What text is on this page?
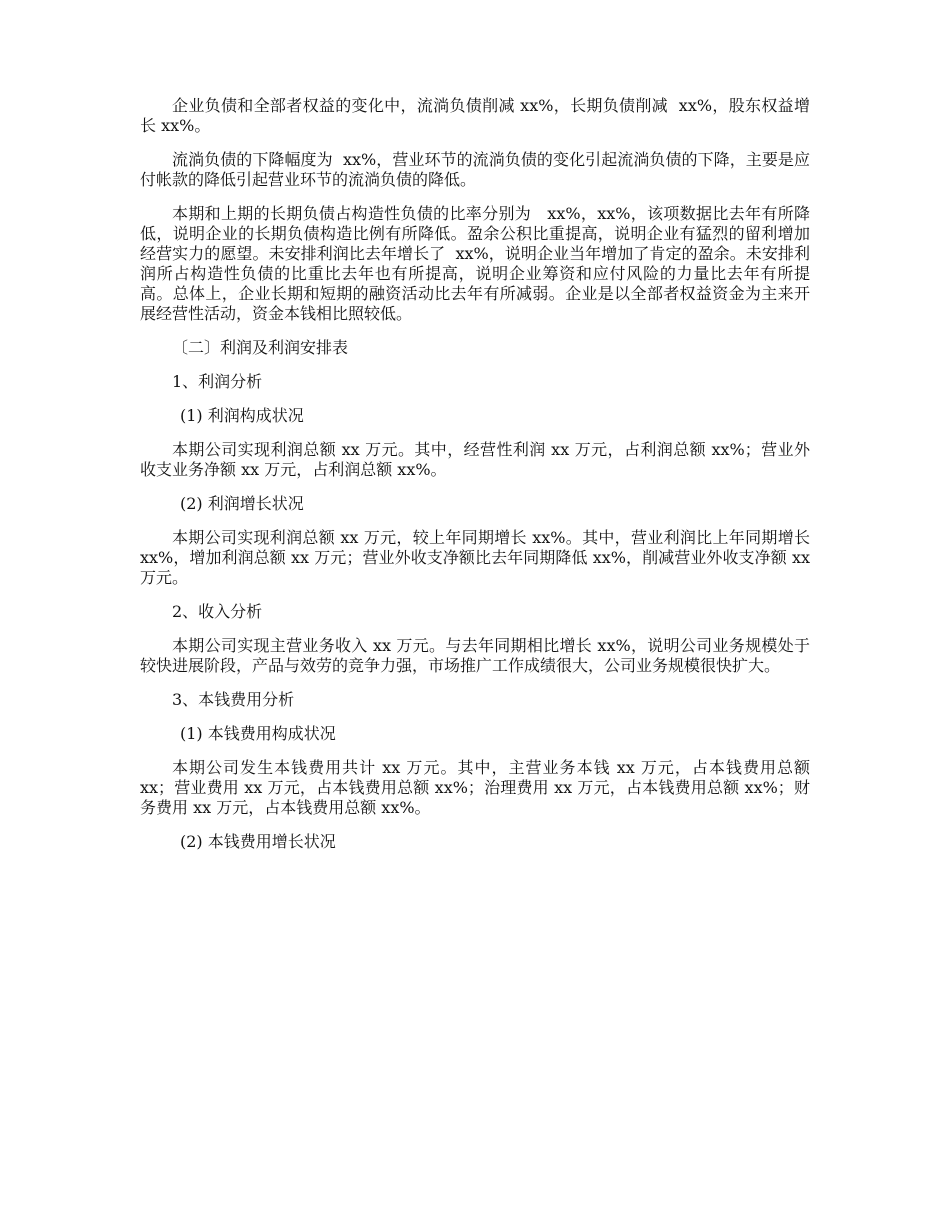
企业负债和全部者权益的变化中，流淌负债削减 xx%，长期负债削减  xx%，股东权益增长 xx%。

流淌负债的下降幅度为  xx%，营业环节的流淌负债的变化引起流淌负债的下降，主要是应付帐款的降低引起营业环节的流淌负债的降低。

本期和上期的长期负债占构造性负债的比率分别为   xx%，xx%，该项数据比去年有所降低，说明企业的长期负债构造比例有所降低。盈余公积比重提高，说明企业有猛烈的留利增加经营实力的愿望。未安排利润比去年增长了  xx%，说明企业当年增加了肯定的盈余。未安排利润所占构造性负债的比重比去年也有所提高，说明企业筹资和应付风险的力量比去年有所提高。总体上，企业长期和短期的融资活动比去年有所减弱。企业是以全部者权益资金为主来开展经营性活动，资金本钱相比照较低。

〔二〕利润及利润安排表

1、利润分析

(1) 利润构成状况

本期公司实现利润总额 xx 万元。其中，经营性利润 xx 万元，占利润总额 xx%；营业外收支业务净额 xx 万元，占利润总额 xx%。

(2) 利润增长状况

本期公司实现利润总额 xx 万元，较上年同期增长 xx%。其中，营业利润比上年同期增长 xx%，增加利润总额 xx 万元；营业外收支净额比去年同期降低 xx%，削减营业外收支净额 xx 万元。

2、收入分析

本期公司实现主营业务收入 xx 万元。与去年同期相比增长 xx%，说明公司业务规模处于较快进展阶段，产品与效劳的竞争力强，市场推广工作成绩很大，公司业务规模很快扩大。

3、本钱费用分析

(1) 本钱费用构成状况

本期公司发生本钱费用共计 xx 万元。其中，主营业务本钱 xx 万元，占本钱费用总额 xx；营业费用 xx 万元，占本钱费用总额 xx%；治理费用 xx 万元，占本钱费用总额 xx%；财务费用 xx 万元，占本钱费用总额 xx%。

(2) 本钱费用增长状况
